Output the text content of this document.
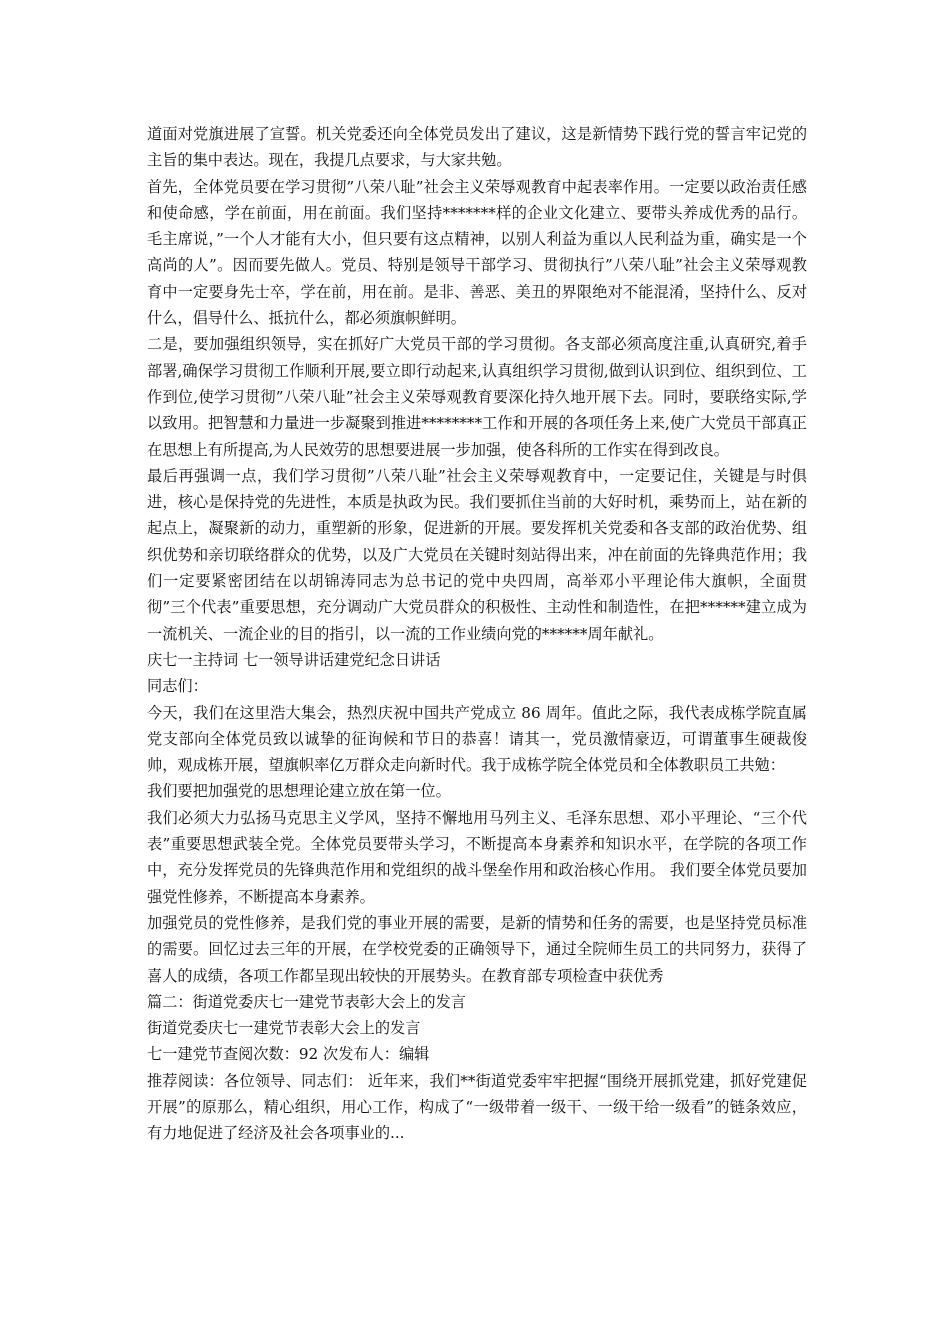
道面对党旗进展了宣誓。机关党委还向全体党员发出了建议，这是新情势下践行党的誓言牢记党的主旨的集中表达。现在，我提几点要求，与大家共勉。

首先，全体党员要在学习贯彻”八荣八耻”社会主义荣辱观教育中起表率作用。一定要以政治责任感和使命感，学在前面，用在前面。我们坚持*******样的企业文化建立、要带头养成优秀的品行。毛主席说，”一个人才能有大小，但只要有这点精神，以别人利益为重以人民利益为重，确实是一个高尚的人”。因而要先做人。党员、特别是领导干部学习、贯彻执行”八荣八耻”社会主义荣辱观教育中一定要身先士卒，学在前，用在前。是非、善恶、美丑的界限绝对不能混淆，坚持什么、反对什么，倡导什么、抵抗什么，都必须旗帜鲜明。

二是，要加强组织领导，实在抓好广大党员干部的学习贯彻。各支部必须高度注重,认真研究,着手部署,确保学习贯彻工作顺利开展,要立即行动起来,认真组织学习贯彻,做到认识到位、组织到位、工作到位,使学习贯彻”八荣八耻”社会主义荣辱观教育要深化持久地开展下去。同时，要联络实际,学以致用。把智慧和力量进一步凝聚到推进********工作和开展的各项任务上来,使广大党员干部真正在思想上有所提高,为人民效劳的思想要进展一步加强，使各科所的工作实在得到改良。

最后再强调一点，我们学习贯彻”八荣八耻”社会主义荣辱观教育中，一定要记住，关键是与时俱进，核心是保持党的先进性，本质是执政为民。我们要抓住当前的大好时机，乘势而上，站在新的起点上，凝聚新的动力，重塑新的形象，促进新的开展。要发挥机关党委和各支部的政治优势、组织优势和亲切联络群众的优势，以及广大党员在关键时刻站得出来，冲在前面的先锋典范作用；我们一定要紧密团结在以胡锦涛同志为总书记的党中央四周，高举邓小平理论伟大旗帜，全面贯彻”三个代表”重要思想，充分调动广大党员群众的积极性、主动性和制造性，在把******建立成为一流机关、一流企业的目的指引，以一流的工作业绩向党的******周年献礼。

庆七一主持词 七一领导讲话建党纪念日讲话

同志们：

今天，我们在这里浩大集会，热烈庆祝中国共产党成立 86 周年。值此之际，我代表成栋学院直属党支部向全体党员致以诚挚的征询候和节日的恭喜！请其一，党员激情豪迈，可谓董事生硬裁俊帅，观成栋开展，望旗帜率亿万群众走向新时代。我于成栋学院全体党员和全体教职员工共勉：

我们要把加强党的思想理论建立放在第一位。

我们必须大力弘扬马克思主义学风，坚持不懈地用马列主义、毛泽东思想、邓小平理论、“三个代表”重要思想武装全党。全体党员要带头学习，不断提高本身素养和知识水平，在学院的各项工作中，充分发挥党员的先锋典范作用和党组织的战斗堡垒作用和政治核心作用。 我们要全体党员要加强党性修养，不断提高本身素养。

加强党员的党性修养，是我们党的事业开展的需要，是新的情势和任务的需要，也是坚持党员标准的需要。回忆过去三年的开展，在学校党委的正确领导下，通过全院师生员工的共同努力，获得了喜人的成绩，各项工作都呈现出较快的开展势头。在教育部专项检查中获优秀

篇二：街道党委庆七一建党节表彰大会上的发言

街道党委庆七一建党节表彰大会上的发言

七一建党节查阅次数：92 次发布人：编辑

推荐阅读：各位领导、同志们： 近年来，我们**街道党委牢牢把握“围绕开展抓党建，抓好党建促开展”的原那么，精心组织，用心工作，构成了“一级带着一级干、一级干给一级看”的链条效应，有力地促进了经济及社会各项事业的...
